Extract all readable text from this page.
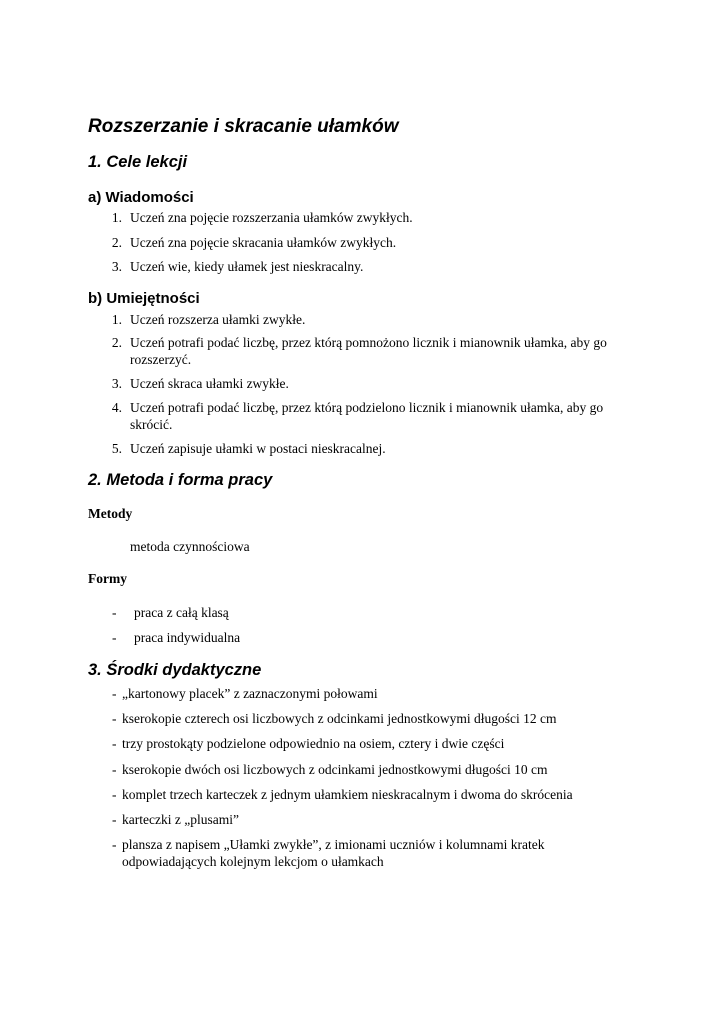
Rozszerzanie i skracanie ułamków
1. Cele lekcji
a) Wiadomości
1. Uczeń zna pojęcie rozszerzania ułamków zwykłych.
2. Uczeń zna pojęcie skracania ułamków zwykłych.
3. Uczeń wie, kiedy ułamek jest nieskracalny.
b) Umiejętności
1. Uczeń rozszerza ułamki zwykłe.
2. Uczeń potrafi podać liczbę, przez którą pomnożono licznik i mianownik ułamka, aby go rozszerzyć.
3. Uczeń skraca ułamki zwykłe.
4. Uczeń potrafi podać liczbę, przez którą podzielono licznik i mianownik ułamka, aby go skrócić.
5. Uczeń zapisuje ułamki w postaci nieskracalnej.
2. Metoda i forma pracy
Metody
metoda czynnościowa
Formy
- praca z całą klasą
- praca indywidualna
3. Środki dydaktyczne
- „kartonowy placek” z zaznaczonymi połowami
- kserokopie czterech osi liczbowych z odcinkami jednostkowymi długości 12 cm
- trzy prostokąty podzielone odpowiednio na osiem, cztery i dwie części
- kserokopie dwóch osi liczbowych z odcinkami jednostkowymi długości 10 cm
- komplet trzech karteczek z jednym ułamkiem nieskracalnym i dwoma do skrócenia
- karteczki z „plusami”
- plansza z napisem „Ułamki zwykłe”, z imionami uczniów i kolumnami kratek odpowiadających kolejnym lekcjom o ułamkach
